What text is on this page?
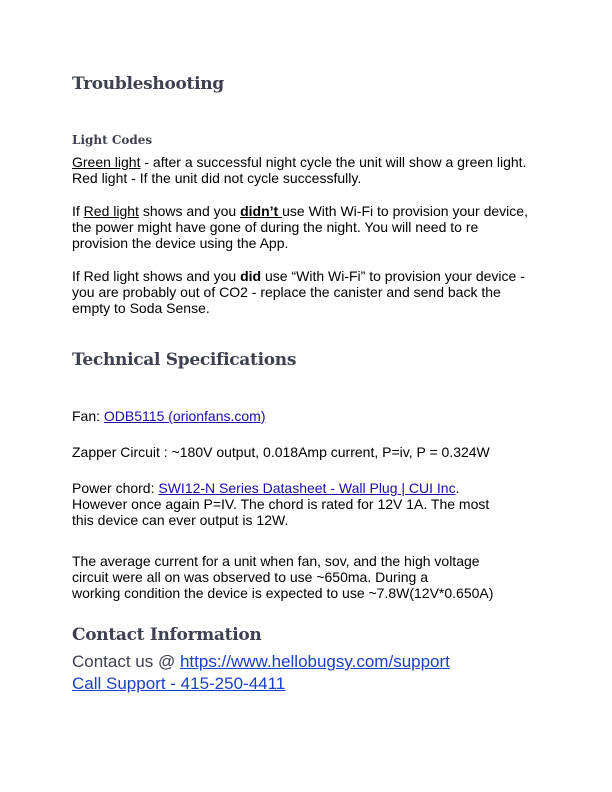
Troubleshooting
Light Codes
Green light - after a successful night cycle the unit will show a green light.
Red light - If the unit did not cycle successfully.
If Red light shows and you didn’t use With Wi-Fi to provision your device,
the power might have gone of during the night. You will need to re
provision the device using the App.
If Red light shows and you did use “With Wi-Fi” to provision your device -
you are probably out of CO2 - replace the canister and send back the
empty to Soda Sense.
Technical Specifications
Fan: ODB5115 (orionfans.com)
Zapper Circuit : ~180V output, 0.018Amp current, P=iv, P = 0.324W
Power chord: SWI12-N Series Datasheet - Wall Plug | CUI Inc.
However once again P=IV. The chord is rated for 12V 1A. The most
this device can ever output is 12W.
The average current for a unit when fan, sov, and the high voltage
circuit were all on was observed to use ~650ma. During a
working condition the device is expected to use ~7.8W(12V*0.650A)
Contact Information
Contact us @ https://www.hellobugsy.com/support
Call Support - 415-250-4411
